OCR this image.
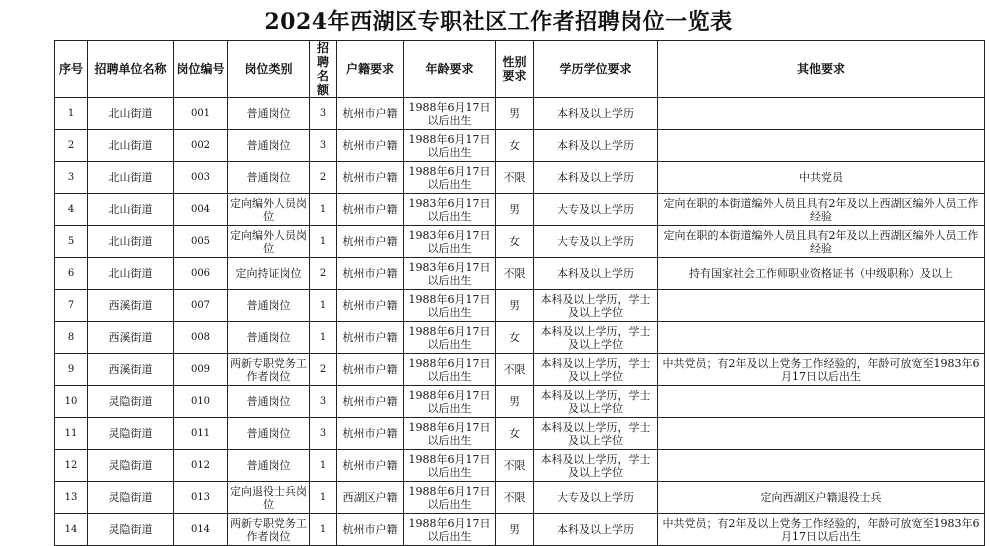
2024年西湖区专职社区工作者招聘岗位一览表
序号	招聘单位名称	岗位编号	岗位类别	招聘名额	户籍要求	年龄要求	性别要求	学历学位要求	其他要求
1	北山街道	001	普通岗位	3	杭州市户籍	1988年6月17日以后出生	男	本科及以上学历	
2	北山街道	002	普通岗位	3	杭州市户籍	1988年6月17日以后出生	女	本科及以上学历	
3	北山街道	003	普通岗位	2	杭州市户籍	1988年6月17日以后出生	不限	本科及以上学历	中共党员
4	北山街道	004	定向编外人员岗位	1	杭州市户籍	1983年6月17日以后出生	男	大专及以上学历	定向在职的本街道编外人员且具有2年及以上西湖区编外人员工作经验
5	北山街道	005	定向编外人员岗位	1	杭州市户籍	1983年6月17日以后出生	女	大专及以上学历	定向在职的本街道编外人员且具有2年及以上西湖区编外人员工作经验
6	北山街道	006	定向持证岗位	2	杭州市户籍	1983年6月17日以后出生	不限	本科及以上学历	持有国家社会工作师职业资格证书（中级职称）及以上
7	西溪街道	007	普通岗位	1	杭州市户籍	1988年6月17日以后出生	男	本科及以上学历，学士及以上学位	
8	西溪街道	008	普通岗位	1	杭州市户籍	1988年6月17日以后出生	女	本科及以上学历，学士及以上学位	
9	西溪街道	009	两新专职党务工作者岗位	2	杭州市户籍	1988年6月17日以后出生	不限	本科及以上学历，学士及以上学位	中共党员；有2年及以上党务工作经验的，年龄可放宽至1983年6月17日以后出生
10	灵隐街道	010	普通岗位	3	杭州市户籍	1988年6月17日以后出生	男	本科及以上学历，学士及以上学位	
11	灵隐街道	011	普通岗位	3	杭州市户籍	1988年6月17日以后出生	女	本科及以上学历，学士及以上学位	
12	灵隐街道	012	普通岗位	1	杭州市户籍	1988年6月17日以后出生	不限	本科及以上学历，学士及以上学位	
13	灵隐街道	013	定向退役士兵岗位	1	西湖区户籍	1988年6月17日以后出生	不限	大专及以上学历	定向西湖区户籍退役士兵
14	灵隐街道	014	两新专职党务工作者岗位	1	杭州市户籍	1988年6月17日以后出生	男	本科及以上学历	中共党员；有2年及以上党务工作经验的，年龄可放宽至1983年6月17日以后出生
